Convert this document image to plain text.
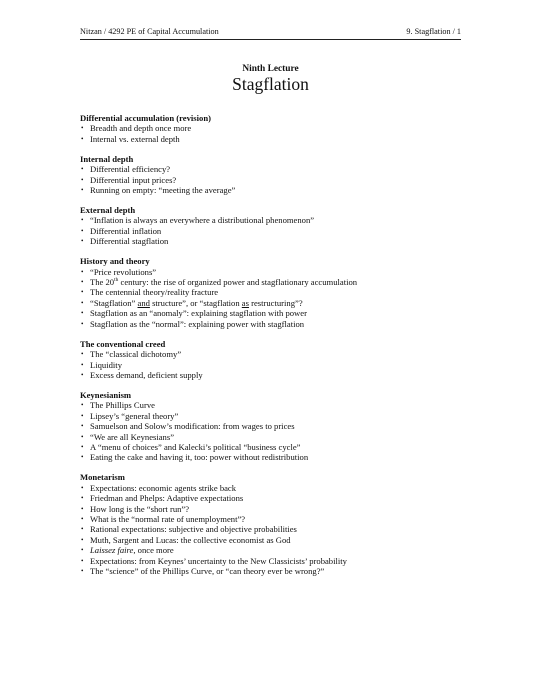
Nitzan / 4292 PE of Capital Accumulation	9. Stagflation / 1
Ninth Lecture
Stagflation
Differential accumulation (revision)
• Breadth and depth once more
• Internal vs. external depth
Internal depth
• Differential efficiency?
• Differential input prices?
• Running on empty: “meeting the average”
External depth
• “Inflation is always an everywhere a distributional phenomenon”
• Differential inflation
• Differential stagflation
History and theory
• “Price revolutions”
• The 20th century: the rise of organized power and stagflationary accumulation
• The centennial theory/reality fracture
• “Stagflation” and structure”, or “stagflation as restructuring”?
• Stagflation as an “anomaly”: explaining stagflation with power
• Stagflation as the “normal”: explaining power with stagflation
The conventional creed
• The “classical dichotomy”
• Liquidity
• Excess demand, deficient supply
Keynesianism
• The Phillips Curve
• Lipsey’s “general theory”
• Samuelson and Solow’s modification: from wages to prices
• “We are all Keynesians”
• A “menu of choices” and Kalecki’s political “business cycle”
• Eating the cake and having it, too: power without redistribution
Monetarism
• Expectations: economic agents strike back
• Friedman and Phelps: Adaptive expectations
• How long is the “short run”?
• What is the “normal rate of unemployment”?
• Rational expectations: subjective and objective probabilities
• Muth, Sargent and Lucas: the collective economist as God
• Laissez faire, once more
• Expectations: from Keynes’ uncertainty to the New Classicists’ probability
• The “science” of the Phillips Curve, or “can theory ever be wrong?”
